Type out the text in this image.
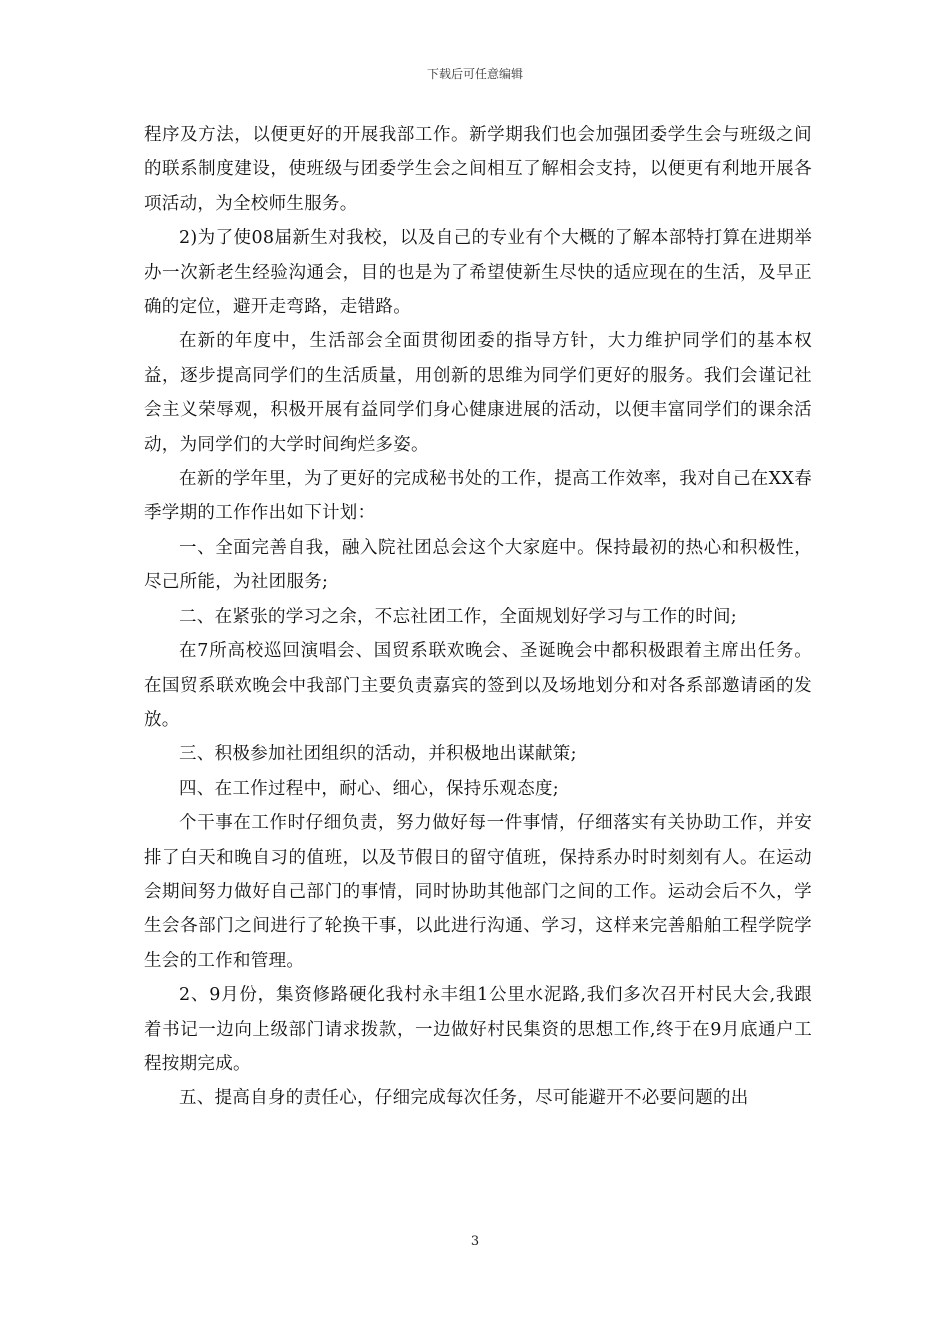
下载后可任意编辑

程序及方法，以便更好的开展我部工作。新学期我们也会加强团委学生会与班级之间的联系制度建设，使班级与团委学生会之间相互了解相会支持，以便更有利地开展各项活动，为全校师生服务。

2)为了使08届新生对我校，以及自己的专业有个大概的了解本部特打算在进期举办一次新老生经验沟通会，目的也是为了希望使新生尽快的适应现在的生活，及早正确的定位，避开走弯路，走错路。

在新的年度中，生活部会全面贯彻团委的指导方针，大力维护同学们的基本权益，逐步提高同学们的生活质量，用创新的思维为同学们更好的服务。我们会谨记社会主义荣辱观，积极开展有益同学们身心健康进展的活动，以便丰富同学们的课余活动，为同学们的大学时间绚烂多姿。

在新的学年里，为了更好的完成秘书处的工作，提高工作效率，我对自己在XX春季学期的工作作出如下计划：

一、全面完善自我，融入院社团总会这个大家庭中。保持最初的热心和积极性，尽己所能，为社团服务;

二、在紧张的学习之余，不忘社团工作，全面规划好学习与工作的时间;

在7所高校巡回演唱会、国贸系联欢晚会、圣诞晚会中都积极跟着主席出任务。在国贸系联欢晚会中我部门主要负责嘉宾的签到以及场地划分和对各系部邀请函的发放。

三、积极参加社团组织的活动，并积极地出谋献策;

四、在工作过程中，耐心、细心，保持乐观态度;

个干事在工作时仔细负责，努力做好每一件事情，仔细落实有关协助工作，并安排了白天和晚自习的值班，以及节假日的留守值班，保持系办时时刻刻有人。在运动会期间努力做好自己部门的事情，同时协助其他部门之间的工作。运动会后不久，学生会各部门之间进行了轮换干事，以此进行沟通、学习，这样来完善船舶工程学院学生会的工作和管理。

2、9月份，集资修路硬化我村永丰组1公里水泥路,我们多次召开村民大会,我跟着书记一边向上级部门请求拨款，一边做好村民集资的思想工作,终于在9月底通户工程按期完成。

五、提高自身的责任心，仔细完成每次任务，尽可能避开不必要问题的出

3
